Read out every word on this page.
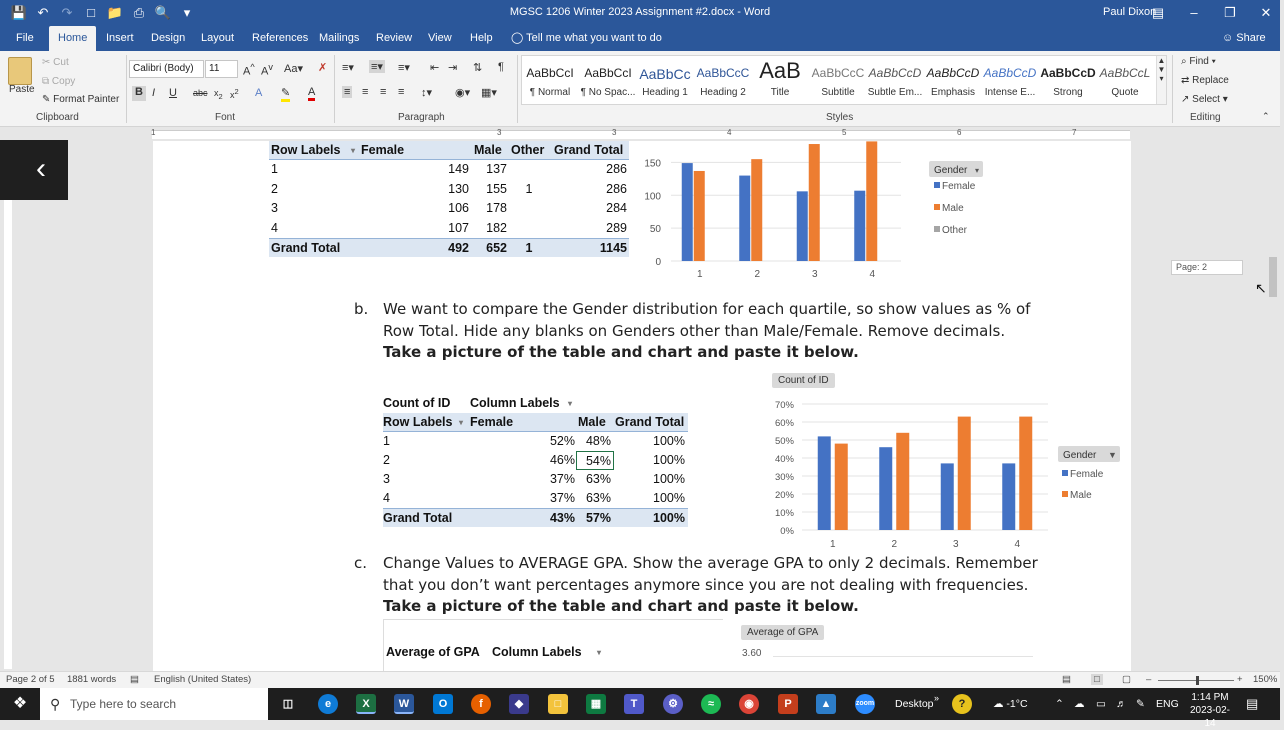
💾 ↶ ↷	□ 📁 ⎙ 🔍 ▾	MGSC 1206 Winter 2023 Assignment #2.docx - Word	Paul Dixon
▤	–	❐	✕
File	Home	Insert Design Layout References Mailings Review View Help ◯ Tell me what you want to do	☺ Share
Paste
✂ Cut
⧉ Copy
✎ Format Painter
Clipboard
Calibri (Body)	11	A^ $A^v$ Aa▾ ✗
B I U abc $x_2$ $x^2$ A ✎ A
Font
≡▾ ≡▾ ≡▾ ⇤ ⇥ ⇅ ¶
≡ ≡ ≡ ≡ ↕▾ ◉▾ ▦▾
Paragraph
AaBbCcI
¶ Normal
AaBbCcI
¶ No Spac...
AaBbCc
Heading 1
AaBbCcC
Heading 2
AaB
Title
AaBbCcC
Subtitle
AaBbCcD
Subtle Em...
AaBbCcD
Emphasis
AaBbCcD
Intense E...
AaBbCcD
Strong
AaBbCcL
Quote
▲
▼
▾
Styles
⌕ Find ▾
⇄ Replace
↗ Select ▾
Editing	⌃
1	3	3	4	5	6	7
Row Labels ▾ Female	Male Other Grand Total
1	149	137	286
2	130	155	1	286
3	106	178	284
4	107	182	289
Grand Total	492	652	1	1145
0
50
100
150
1	2	3	4
Gender ▾
Female
Male
Other
b. We want to compare the Gender distribution for each quartile, so show values as % of
Row Total. Hide any blanks on Genders other than Male/Female. Remove decimals.
Take a picture of the table and chart and paste it below.
Count of ID Column Labels ▾
Row Labels ▾ Female	Male Grand Total
1	52% 48%	100%
2	46% 54%	100%
3	37% 63%	100%
4	37% 63%	100%
Grand Total	43% 57%	100%
Count of ID
70%
60%
50%
40%
30%
20%
10%
0%
1	2	3	4
Gender ▼
Female
Male
c. Change Values to AVERAGE GPA. Show the average GPA to only 2 decimals. Remember
that you don’t want percentages anymore since you are not dealing with frequencies.
Take a picture of the table and chart and paste it below.
Average of GPA Column Labels ▾
Average of GPA
3.60
‹
Page: 2
↖
Page 2 of 5 1881 words ▤ English (United States)	▤	□	▢ –	+ 150%
❖	⚲ Type here to search	◫	e	X	W	O	f	◆	□	▦	T	⚙	≈	◉	P	▲	zoom Desktop »	?	☁ -1°C	⌃ ☁ ▭ ♬ ✎ ENG
1:14 PM
2023-02-14
▤
